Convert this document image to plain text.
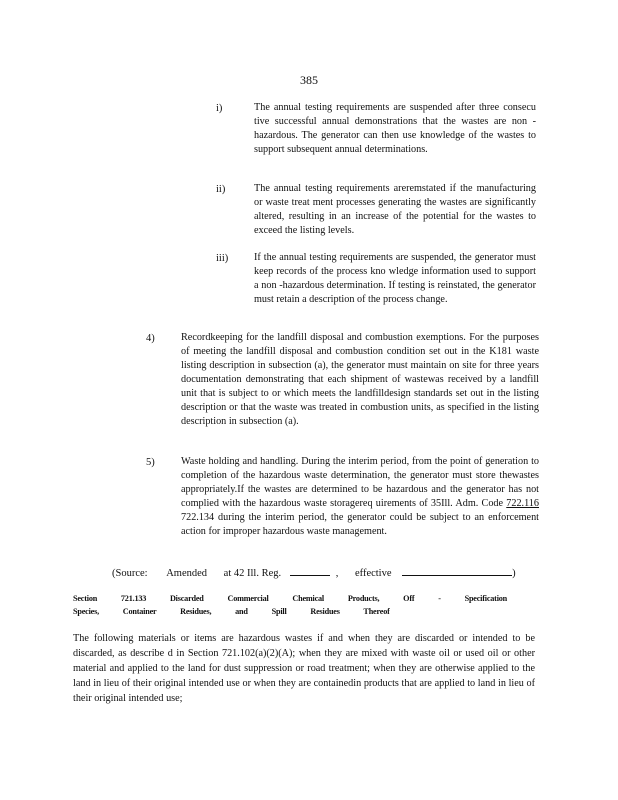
385
i)	The annual testing requirements are suspended after three consecu tive successful annual demonstrations that the wastes are non -hazardous. The generator can then use knowledge of the wastes to support subsequent annual determinations.
ii)	The annual testing requirements areremstated if the manufacturing or waste treat ment processes generating the wastes are significantly altered, resulting in an increase of the potential for the wastes to exceed the listing levels.
iii)	If the annual testing requirements are suspended, the generator must keep records of the process kno wledge information used to support a non -hazardous determination. If testing is reinstated, the generator must retain a description of the process change.
4)	Recordkeeping for the landfill disposal and combustion exemptions. For the purposes of meeting the landfill disposal and combustion condition set out in the K181 waste listing description in subsection (a), the generator must maintain on site for three years documentation demonstrating that each shipment of wastewas received by a landfill unit that is subject to or which meets the landfilldesign standards set out in the listing description or that the waste was treated in combustion units, as specified in the listing description in subsection (a).
5)	Waste holding and handling. During the interim period, from the point of generation to completion of the hazardous waste determination, the generator must store thewastes appropriately.If the wastes are determined to be hazardous and the generator has not complied with the hazardous waste storagereq uirements of 35Ill. Adm. Code 722.116 722.134 during the interim period, the generator could be subject to an enforcement action for improper hazardous waste management.
(Source: Amended at 42 Ill. Reg.	, effective	)
Section 721.133 Discarded Commercial Chemical Products, Off - Specification Species, Container Residues, and Spill Residues Thereof
The following materials or items are hazardous wastes if and when they are discarded or intended to be discarded, as describe d in Section 721.102(a)(2)(A); when they are mixed with waste oil or used oil or other material and applied to the land for dust suppression or road treatment; when they are otherwise applied to the land in lieu of their original intended use or when they are containedin products that are applied to land in lieu of their original intended use;
